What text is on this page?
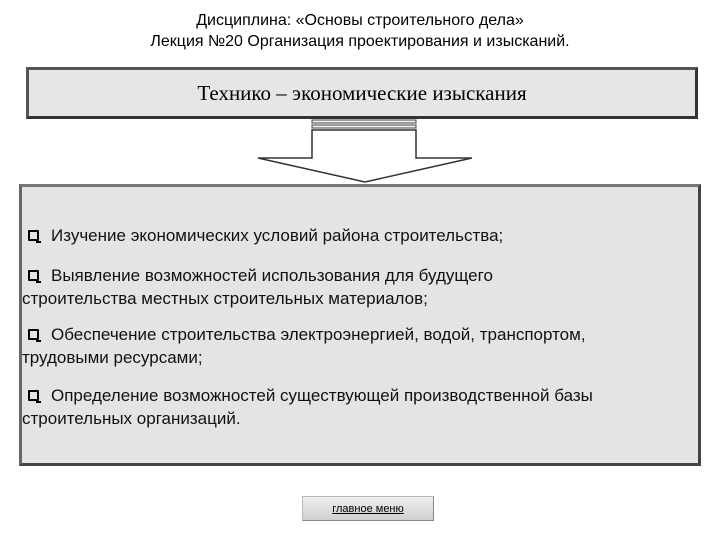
Дисциплина: «Основы строительного дела»
Лекция №20 Организация проектирования и изысканий.
Технико – экономические изыскания
Изучение экономических условий района строительства;
Выявление возможностей использования для будущего
строительства местных строительных материалов;
Обеспечение строительства электроэнергией, водой, транспортом,
трудовыми ресурсами;
Определение возможностей существующей производственной базы
строительных организаций.
главное меню
